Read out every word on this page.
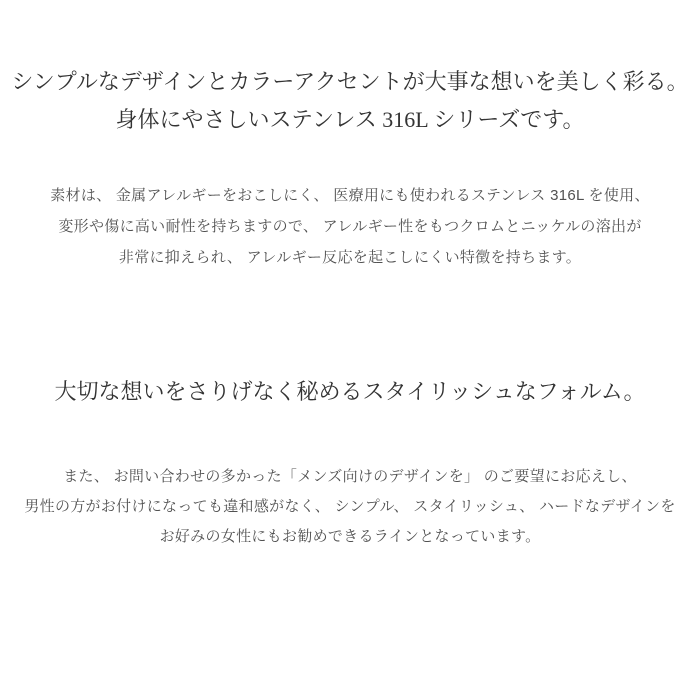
シンプルなデザインとカラーアクセントが大事な想いを美しく彩る。
身体にやさしいステンレス 316L シリーズです。

素材は、 金属アレルギーをおこしにく、 医療用にも使われるステンレス 316L を使用、
変形や傷に高い耐性を持ちますので、 アレルギー性をもつクロムとニッケルの溶出が
非常に抑えられ、 アレルギー反応を起こしにくい特徴を持ちます。

大切な想いをさりげなく秘めるスタイリッシュなフォルム。

また、 お問い合わせの多かった「メンズ向けのデザインを」 のご要望にお応えし、
男性の方がお付けになっても違和感がなく、 シンプル、 スタイリッシュ、 ハードなデザインを
お好みの女性にもお勧めできるラインとなっています。
